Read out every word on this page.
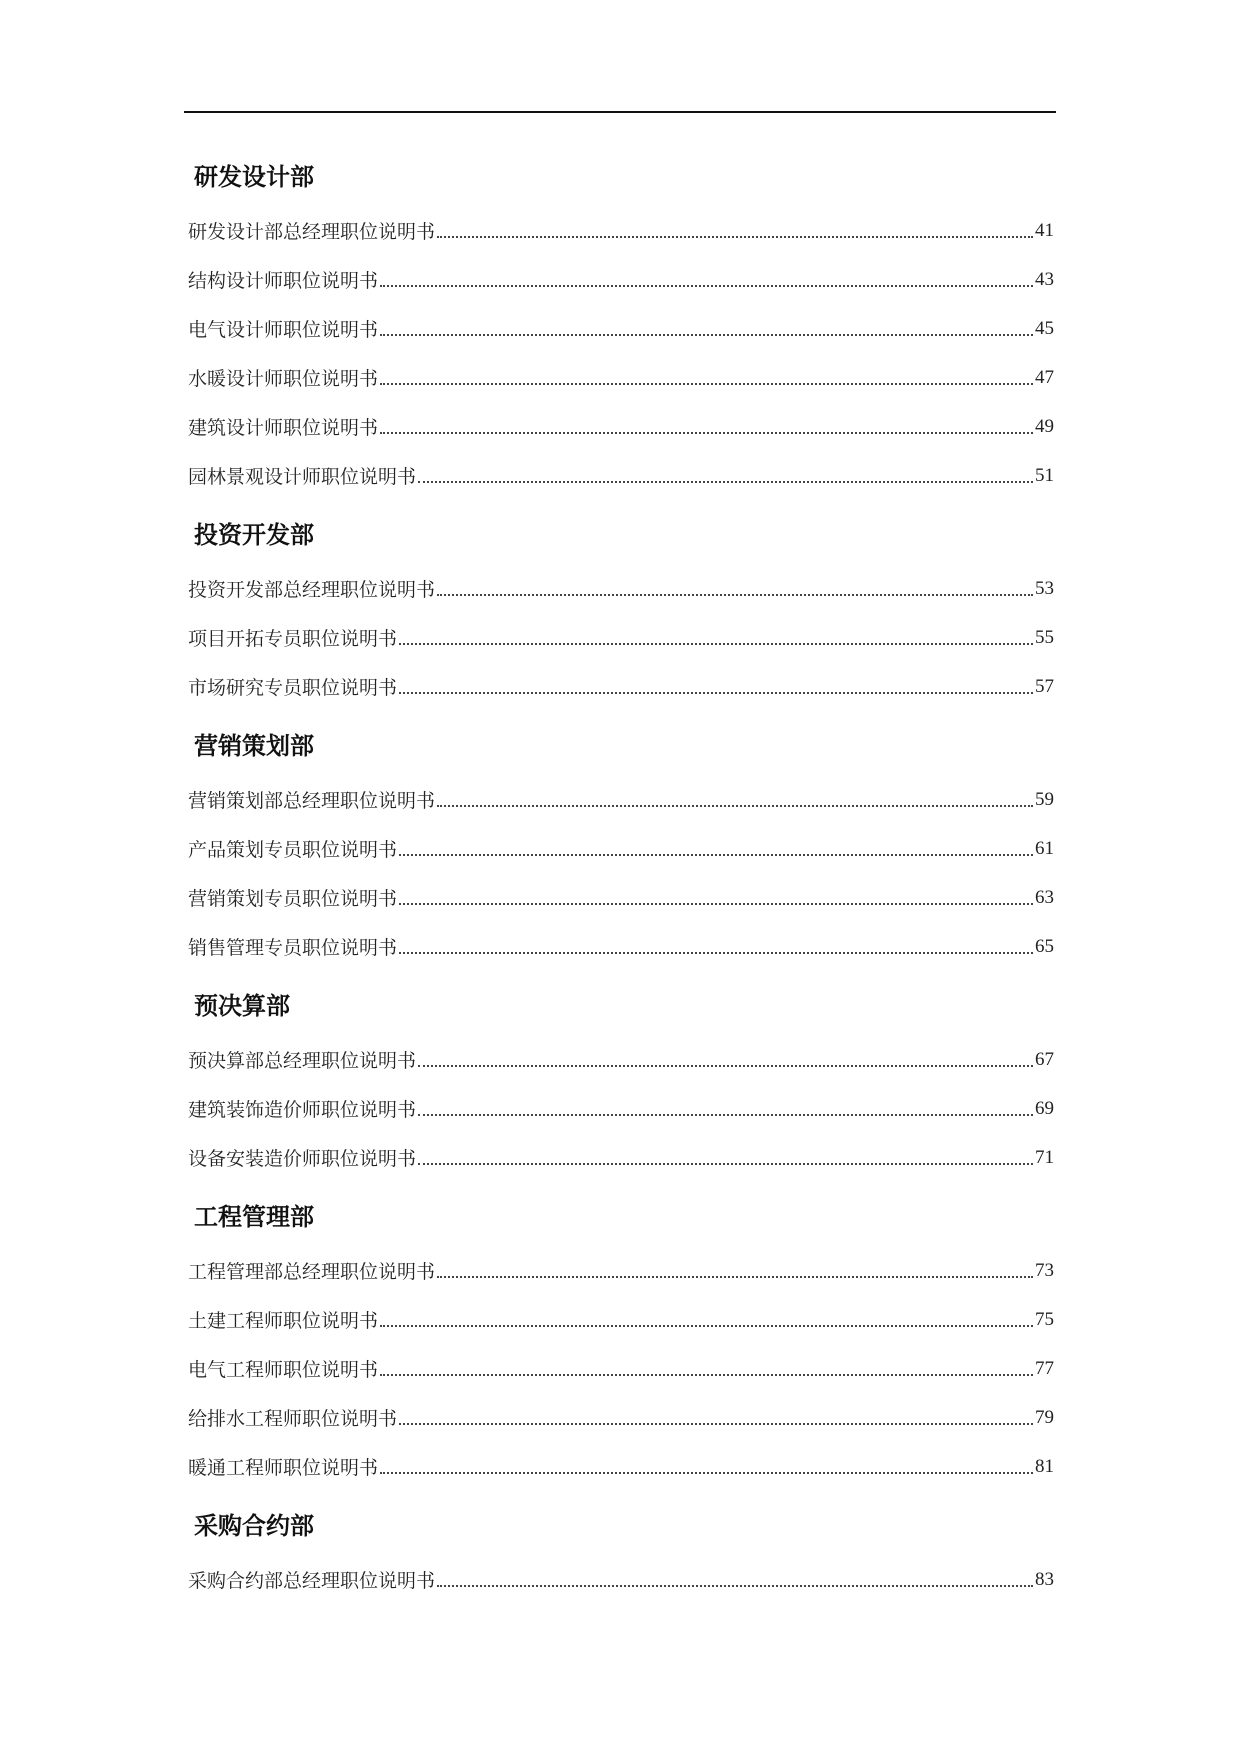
研发设计部
研发设计部总经理职位说明书	41
结构设计师职位说明书	43
电气设计师职位说明书	45
水暖设计师职位说明书	47
建筑设计师职位说明书	49
园林景观设计师职位说明书	51
投资开发部
投资开发部总经理职位说明书	53
项目开拓专员职位说明书	55
市场研究专员职位说明书	57
营销策划部
营销策划部总经理职位说明书	59
产品策划专员职位说明书	61
营销策划专员职位说明书	63
销售管理专员职位说明书	65
预决算部
预决算部总经理职位说明书	67
建筑装饰造价师职位说明书	69
设备安装造价师职位说明书	71
工程管理部
工程管理部总经理职位说明书	73
土建工程师职位说明书	75
电气工程师职位说明书	77
给排水工程师职位说明书	79
暖通工程师职位说明书	81
采购合约部
采购合约部总经理职位说明书	83
